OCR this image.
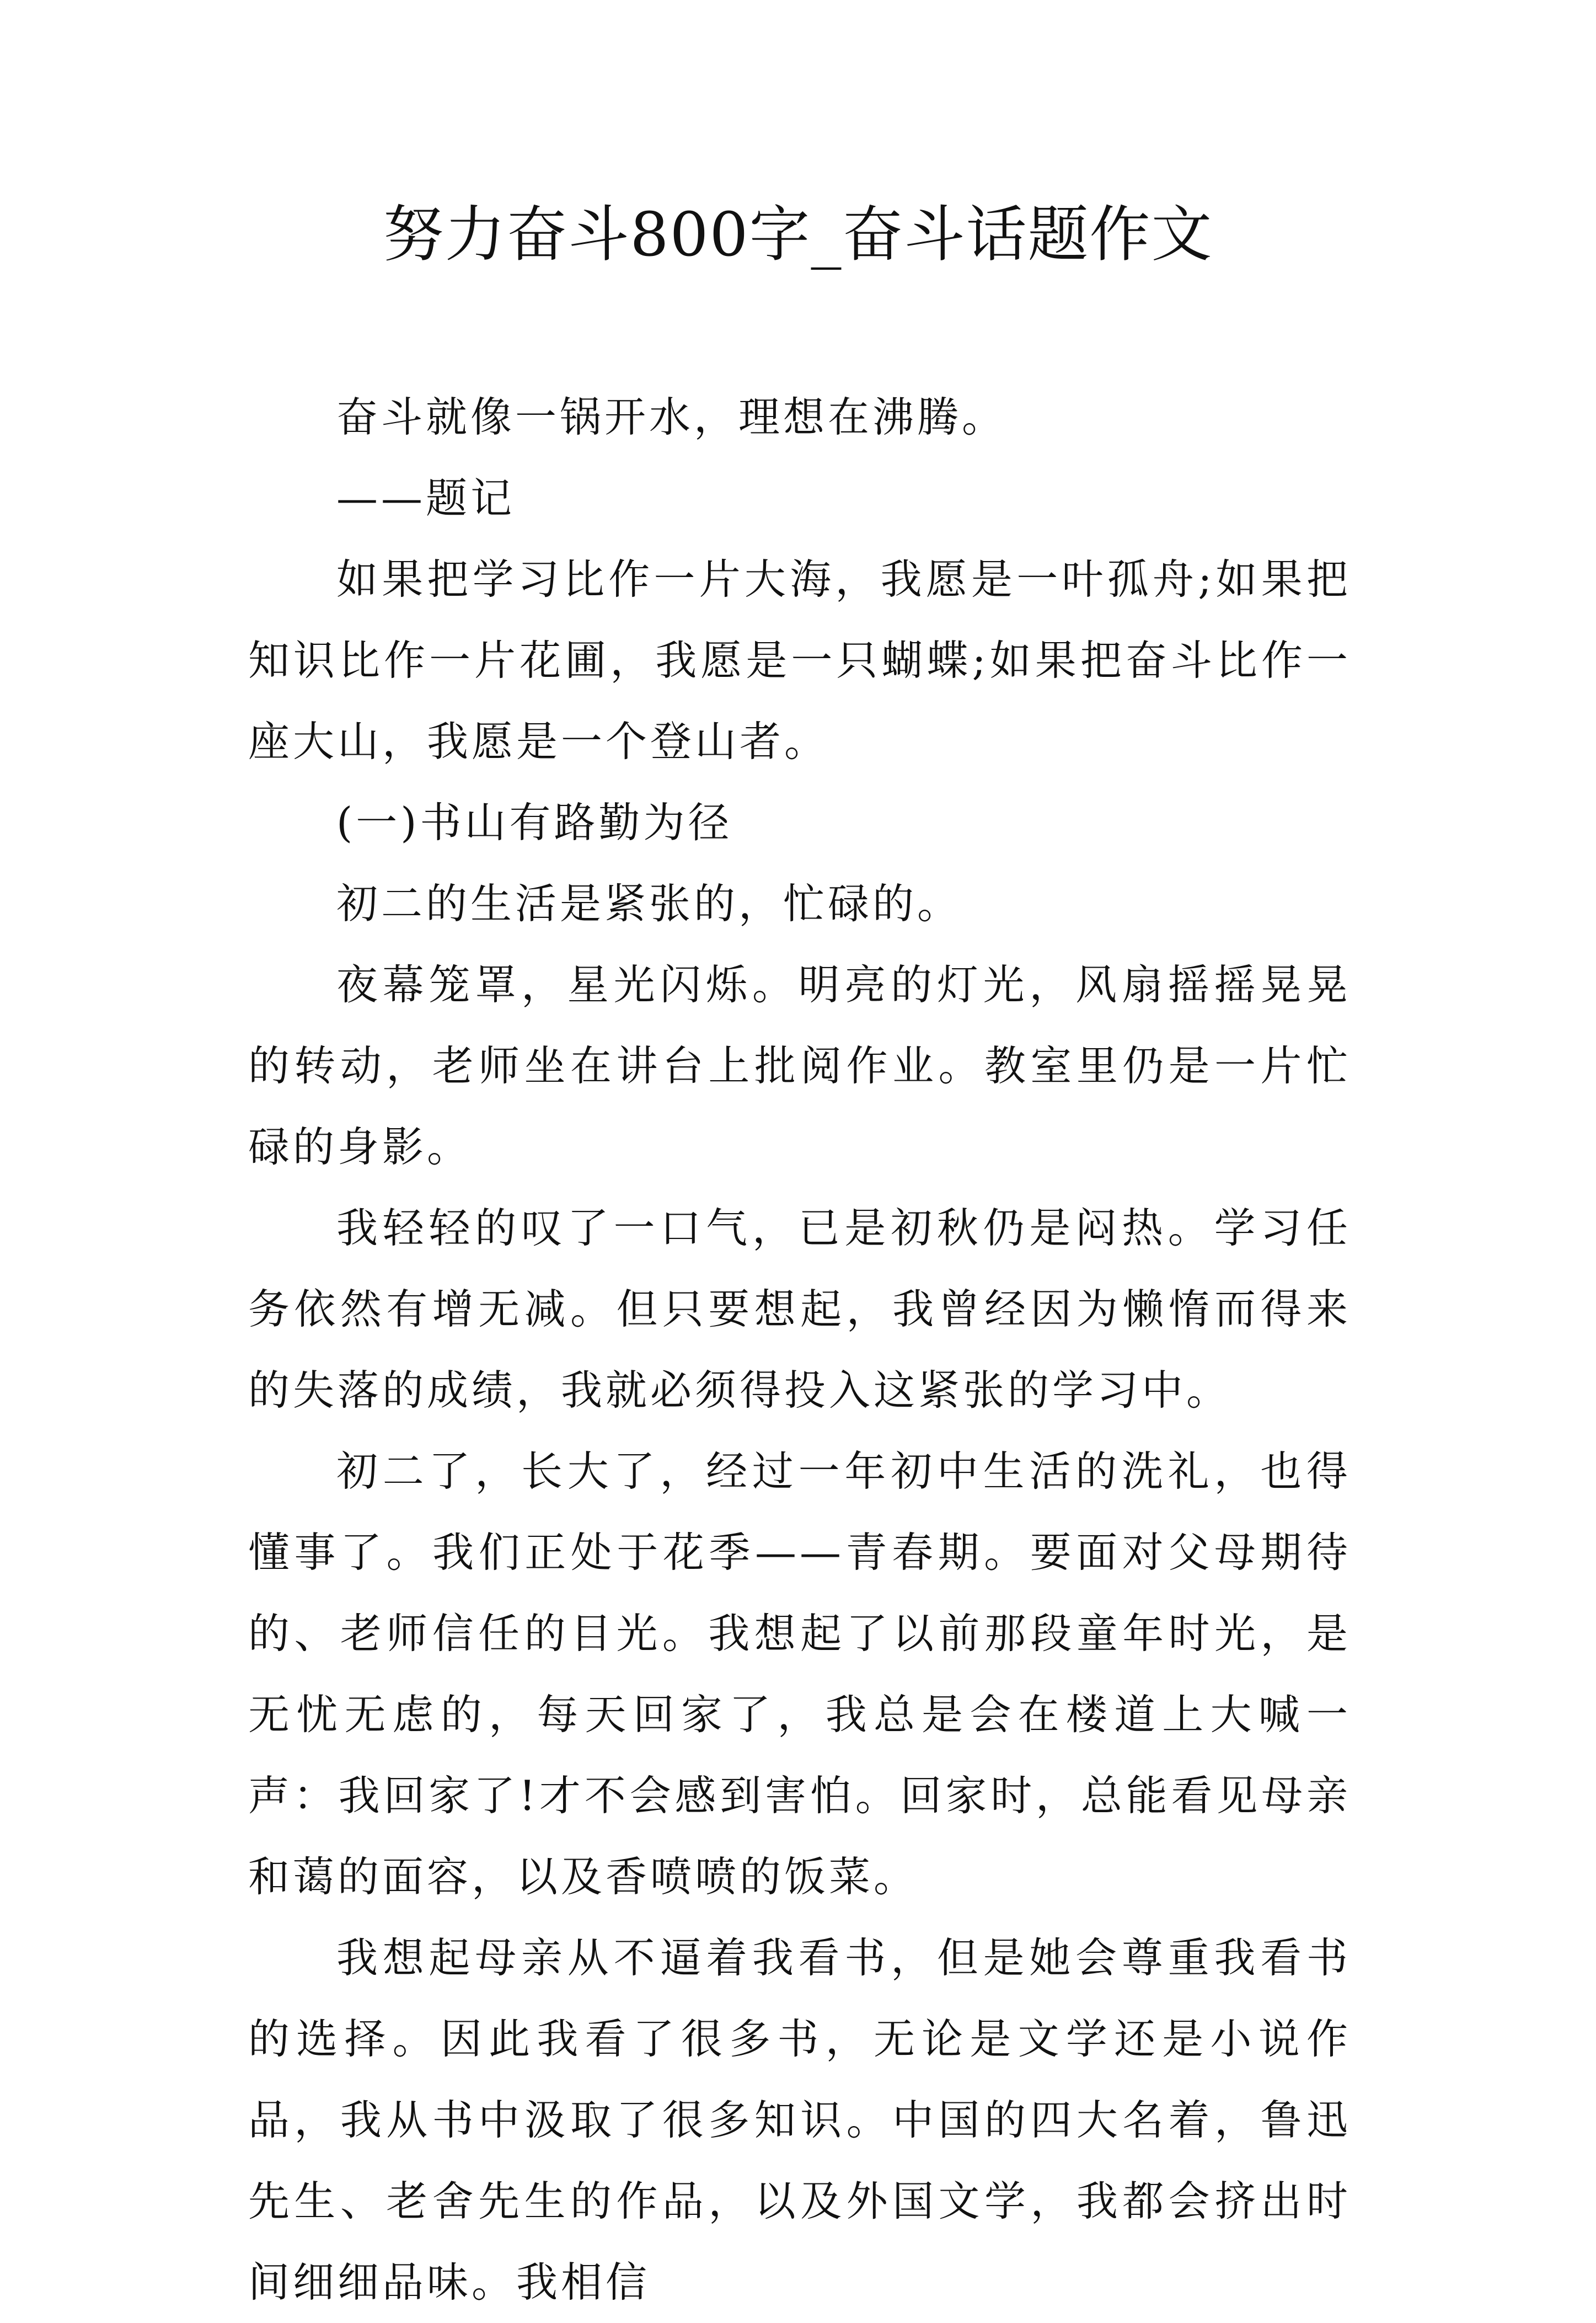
努力奋斗800字_奋斗话题作文

奋斗就像一锅开水，理想在沸腾。

——题记

如果把学习比作一片大海，我愿是一叶孤舟;如果把知识比作一片花圃，我愿是一只蝴蝶;如果把奋斗比作一座大山，我愿是一个登山者。

(一)书山有路勤为径

初二的生活是紧张的，忙碌的。

夜幕笼罩，星光闪烁。明亮的灯光，风扇摇摇晃晃的转动，老师坐在讲台上批阅作业。教室里仍是一片忙碌的身影。

我轻轻的叹了一口气，已是初秋仍是闷热。学习任务依然有增无减。但只要想起，我曾经因为懒惰而得来的失落的成绩，我就必须得投入这紧张的学习中。

初二了，长大了，经过一年初中生活的洗礼，也得懂事了。我们正处于花季——青春期。要面对父母期待的、老师信任的目光。我想起了以前那段童年时光，是无忧无虑的，每天回家了，我总是会在楼道上大喊一声：我回家了!才不会感到害怕。回家时，总能看见母亲和蔼的面容，以及香喷喷的饭菜。

我想起母亲从不逼着我看书，但是她会尊重我看书的选择。因此我看了很多书，无论是文学还是小说作品，我从书中汲取了很多知识。中国的四大名着，鲁迅先生、老舍先生的作品，以及外国文学，我都会挤出时间细细品味。我相信
